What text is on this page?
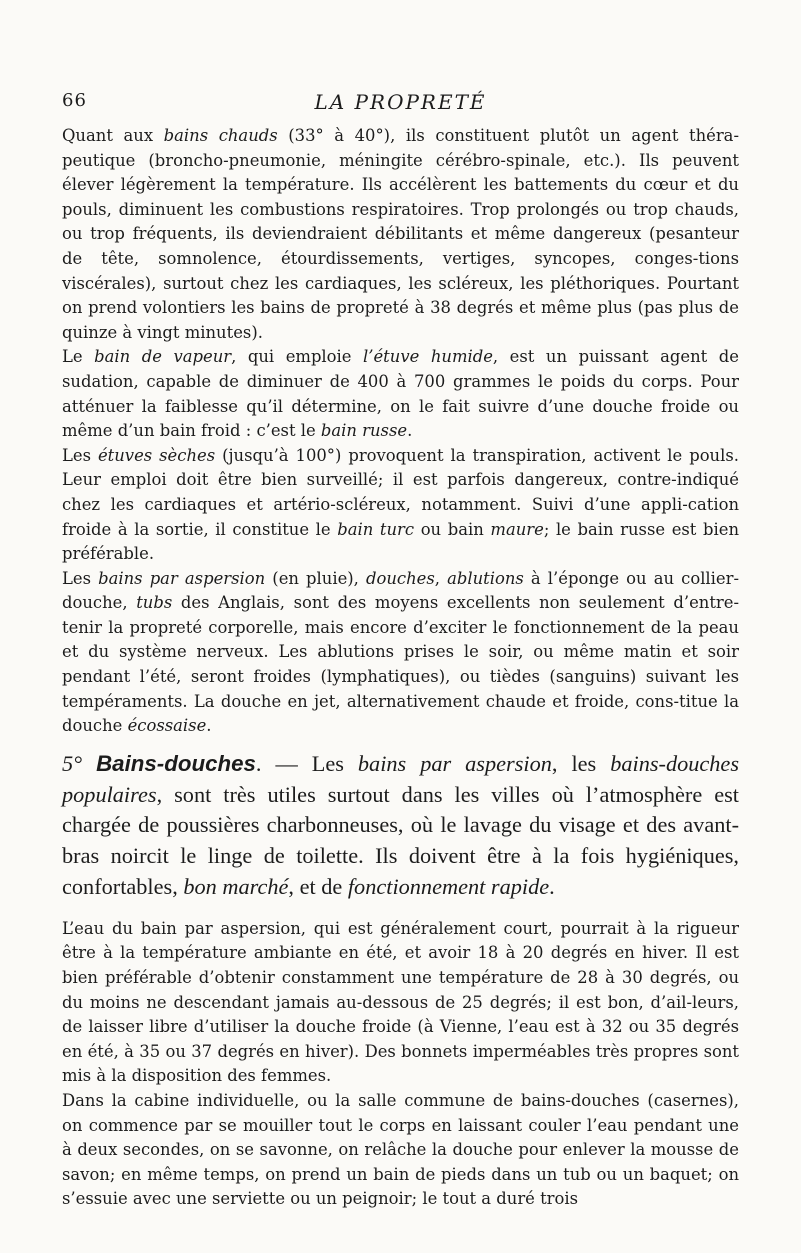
66	LA PROPRETÉ

Quant aux bains chauds (33° à 40°), ils constituent plutôt un agent théra-peutique (broncho-pneumonie, méningite cérébro-spinale, etc.). Ils peuvent élever légèrement la température. Ils accélèrent les battements du cœur et du pouls, diminuent les combustions respiratoires. Trop prolongés ou trop chauds, ou trop fréquents, ils deviendraient débilitants et même dangereux (pesanteur de tête, somnolence, étourdissements, vertiges, syncopes, conges-tions viscérales), surtout chez les cardiaques, les scléreux, les pléthoriques. Pourtant on prend volontiers les bains de propreté à 38 degrés et même plus (pas plus de quinze à vingt minutes).

Le bain de vapeur, qui emploie l’étuve humide, est un puissant agent de sudation, capable de diminuer de 400 à 700 grammes le poids du corps. Pour atténuer la faiblesse qu’il détermine, on le fait suivre d’une douche froide ou même d’un bain froid : c’est le bain russe.

Les étuves sèches (jusqu’à 100°) provoquent la transpiration, activent le pouls. Leur emploi doit être bien surveillé; il est parfois dangereux, contre-indiqué chez les cardiaques et artério-scléreux, notamment. Suivi d’une appli-cation froide à la sortie, il constitue le bain turc ou bain maure; le bain russe est bien préférable.

Les bains par aspersion (en pluie), douches, ablutions à l’éponge ou au collier-douche, tubs des Anglais, sont des moyens excellents non seulement d’entre-tenir la propreté corporelle, mais encore d’exciter le fonctionnement de la peau et du système nerveux. Les ablutions prises le soir, ou même matin et soir pendant l’été, seront froides (lymphatiques), ou tièdes (sanguins) suivant les tempéraments. La douche en jet, alternativement chaude et froide, cons-titue la douche écossaise.

5° Bains-douches. — Les bains par aspersion, les bains-douches populaires, sont très utiles surtout dans les villes où l’atmosphère est chargée de poussières charbonneuses, où le lavage du visage et des avant-bras noircit le linge de toilette. Ils doivent être à la fois hygiéniques, confortables, bon marché, et de fonctionnement rapide.

L’eau du bain par aspersion, qui est généralement court, pourrait à la rigueur être à la température ambiante en été, et avoir 18 à 20 degrés en hiver. Il est bien préférable d’obtenir constamment une température de 28 à 30 degrés, ou du moins ne descendant jamais au-dessous de 25 degrés; il est bon, d’ail-leurs, de laisser libre d’utiliser la douche froide (à Vienne, l’eau est à 32 ou 35 degrés en été, à 35 ou 37 degrés en hiver). Des bonnets imperméables très propres sont mis à la disposition des femmes.

Dans la cabine individuelle, ou la salle commune de bains-douches (casernes), on commence par se mouiller tout le corps en laissant couler l’eau pendant une à deux secondes, on se savonne, on relâche la douche pour enlever la mousse de savon; en même temps, on prend un bain de pieds dans un tub ou un baquet; on s’essuie avec une serviette ou un peignoir; le tout a duré trois
